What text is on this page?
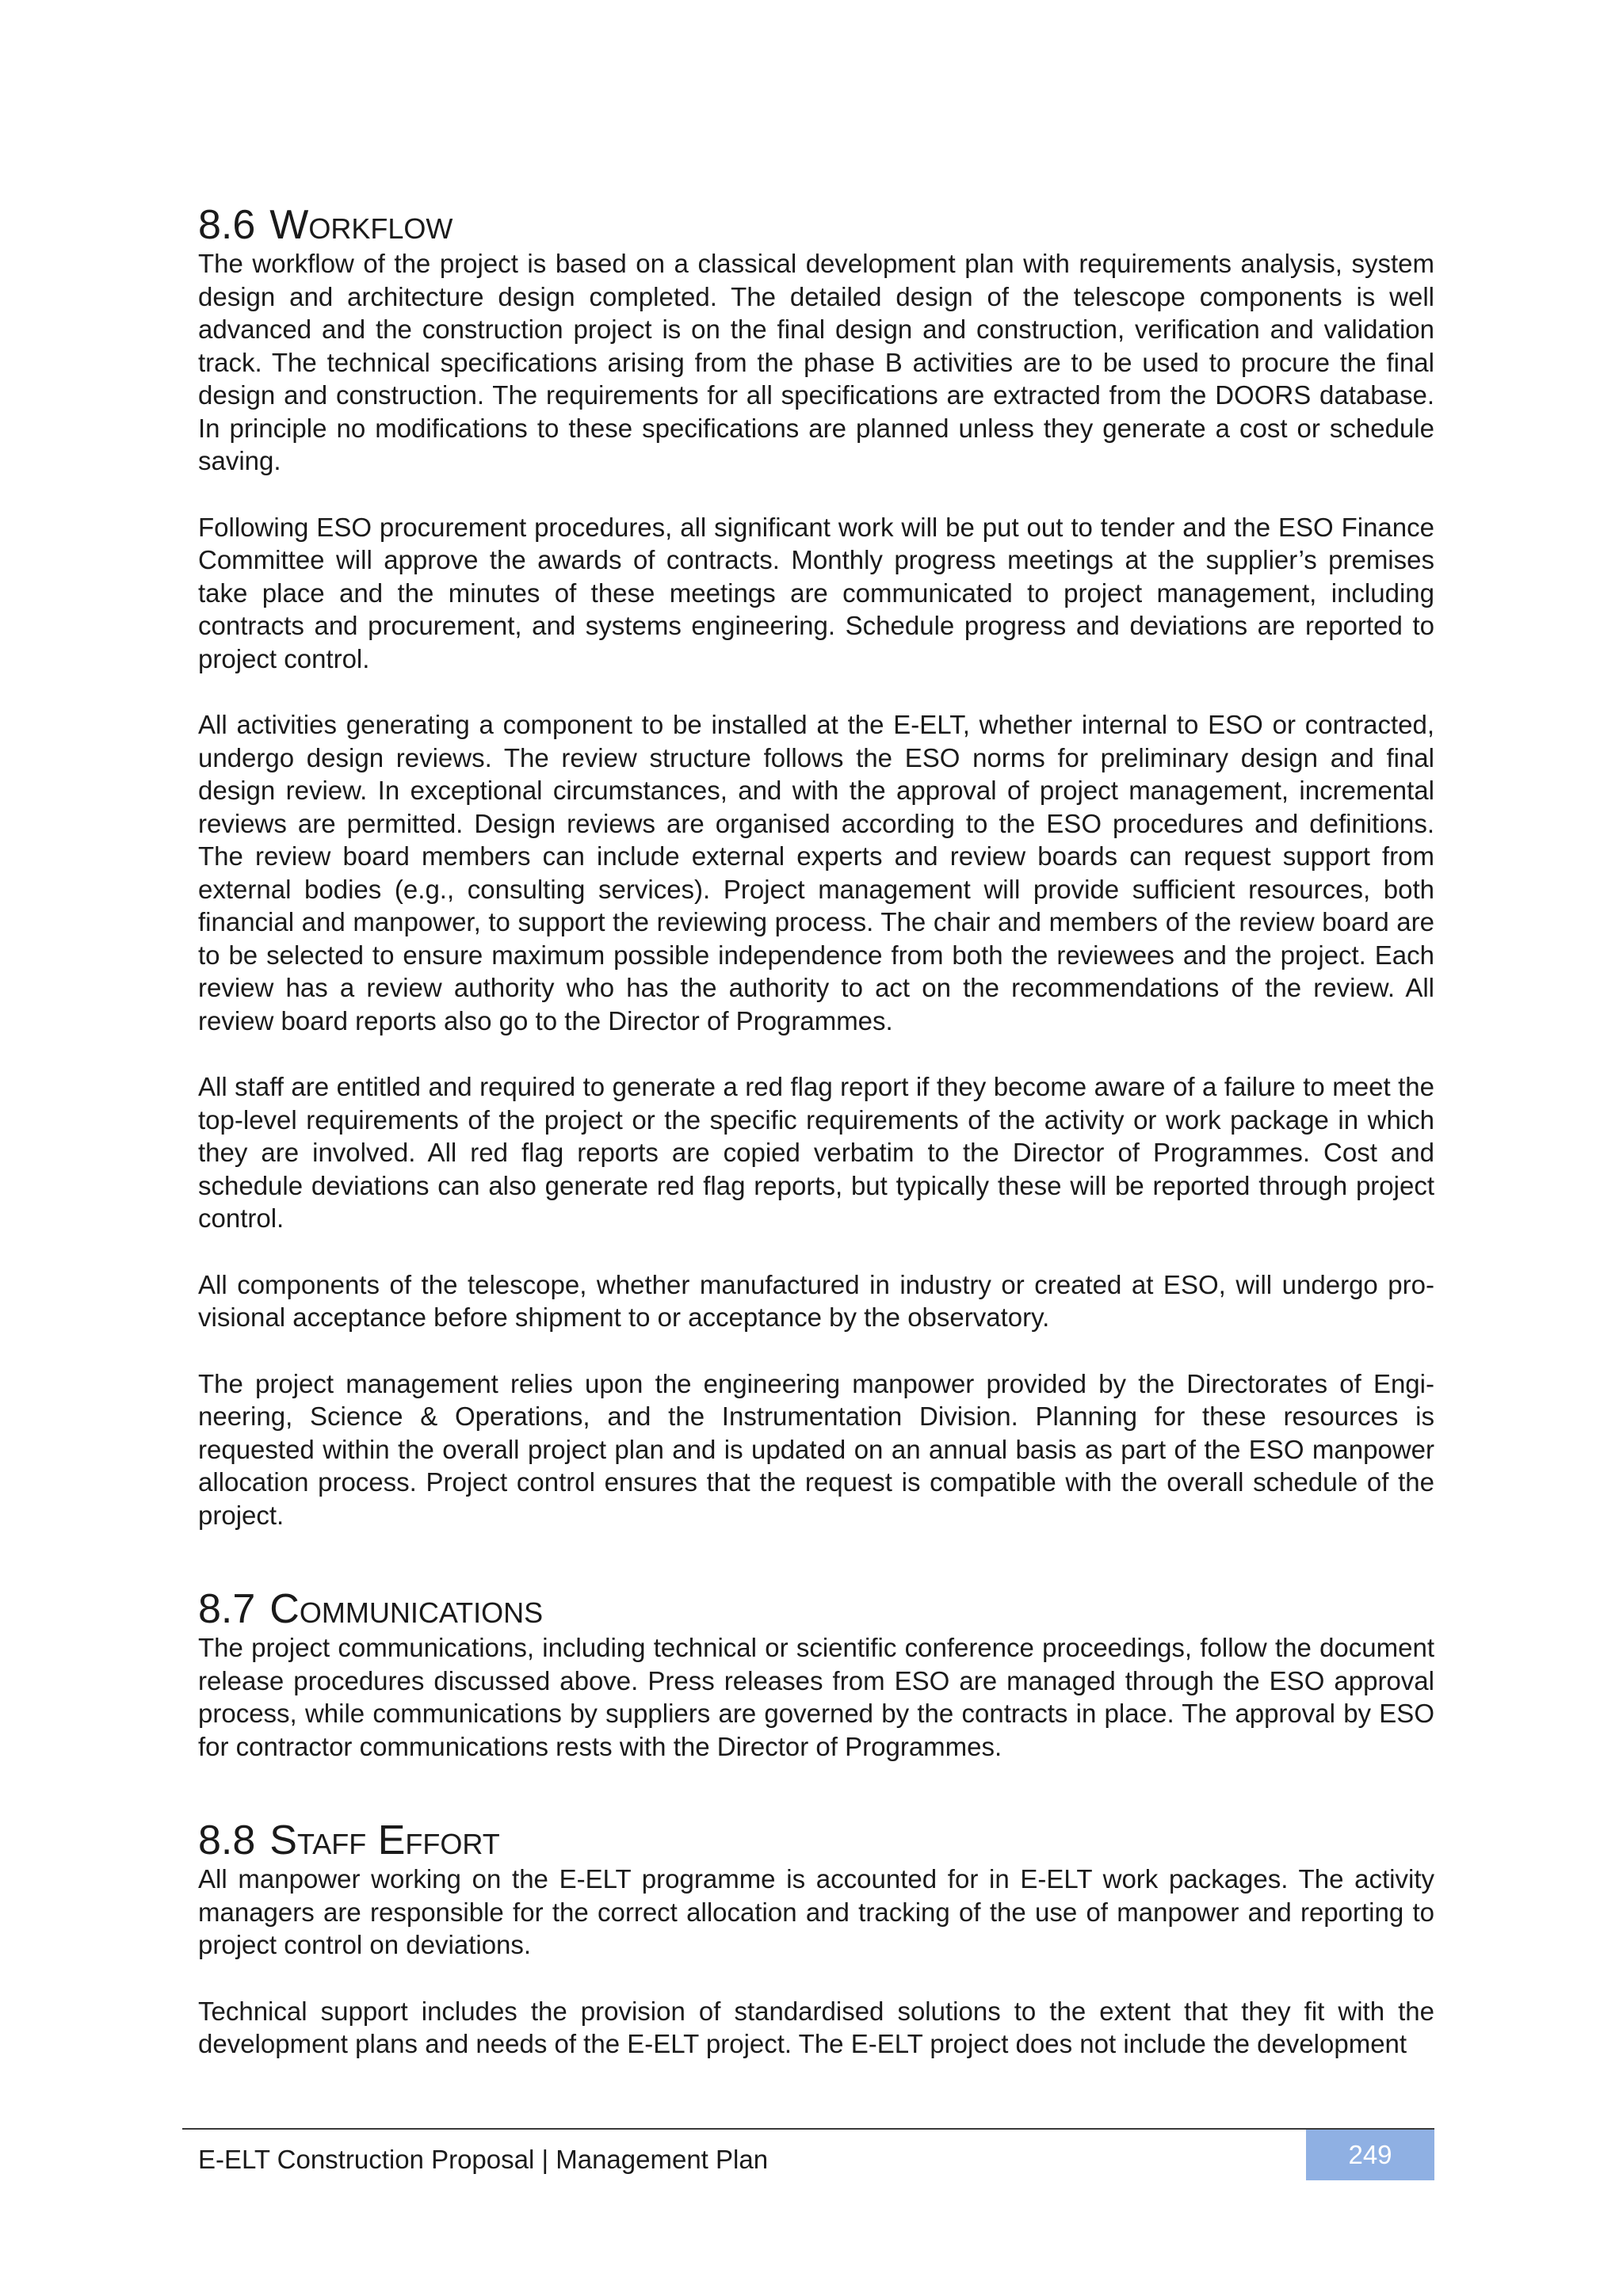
8.6 Workflow

The workflow of the project is based on a classical development plan with requirements analysis, system design and architecture design completed. The detailed design of the telescope components is well advanced and the construction project is on the final design and construction, verification and validation track. The technical specifications arising from the phase B activities are to be used to procure the final design and construction. The requirements for all specifications are extracted from the DOORS database. In principle no modifications to these specifications are planned unless they generate a cost or schedule saving.

Following ESO procurement procedures, all significant work will be put out to tender and the ESO Finance Committee will approve the awards of contracts. Monthly progress meetings at the supplier’s premises take place and the minutes of these meetings are communicated to project management, including contracts and procurement, and systems engineering. Schedule progress and deviations are reported to project control.

All activities generating a component to be installed at the E-ELT, whether internal to ESO or contracted, undergo design reviews. The review structure follows the ESO norms for preliminary design and final design review. In exceptional circumstances, and with the approval of project management, incremental reviews are permitted. Design reviews are organised according to the ESO procedures and definitions. The review board members can include external experts and review boards can request support from external bodies (e.g., consulting services). Project management will provide sufficient resources, both financial and manpower, to support the reviewing process. The chair and members of the review board are to be selected to ensure maximum possible independence from both the reviewees and the project. Each review has a review authority who has the authority to act on the recommendations of the review. All review board reports also go to the Director of Programmes.

All staff are entitled and required to generate a red flag report if they become aware of a failure to meet the top-level requirements of the project or the specific requirements of the activity or work package in which they are involved. All red flag reports are copied verbatim to the Director of Programmes. Cost and schedule deviations can also generate red flag reports, but typically these will be reported through project control.

All components of the telescope, whether manufactured in industry or created at ESO, will undergo provisional acceptance before shipment to or acceptance by the observatory.

The project management relies upon the engineering manpower provided by the Directorates of Engineering, Science & Operations, and the Instrumentation Division. Planning for these resources is requested within the overall project plan and is updated on an annual basis as part of the ESO manpower allocation process. Project control ensures that the request is compatible with the overall schedule of the project.

8.7 Communications

The project communications, including technical or scientific conference proceedings, follow the document release procedures discussed above. Press releases from ESO are managed through the ESO approval process, while communications by suppliers are governed by the contracts in place. The approval by ESO for contractor communications rests with the Director of Programmes.

8.8 Staff Effort

All manpower working on the E-ELT programme is accounted for in E-ELT work packages. The activity managers are responsible for the correct allocation and tracking of the use of manpower and reporting to project control on deviations.

Technical support includes the provision of standardised solutions to the extent that they fit with the development plans and needs of the E-ELT project. The E-ELT project does not include the development

E-ELT Construction Proposal | Management Plan	249
